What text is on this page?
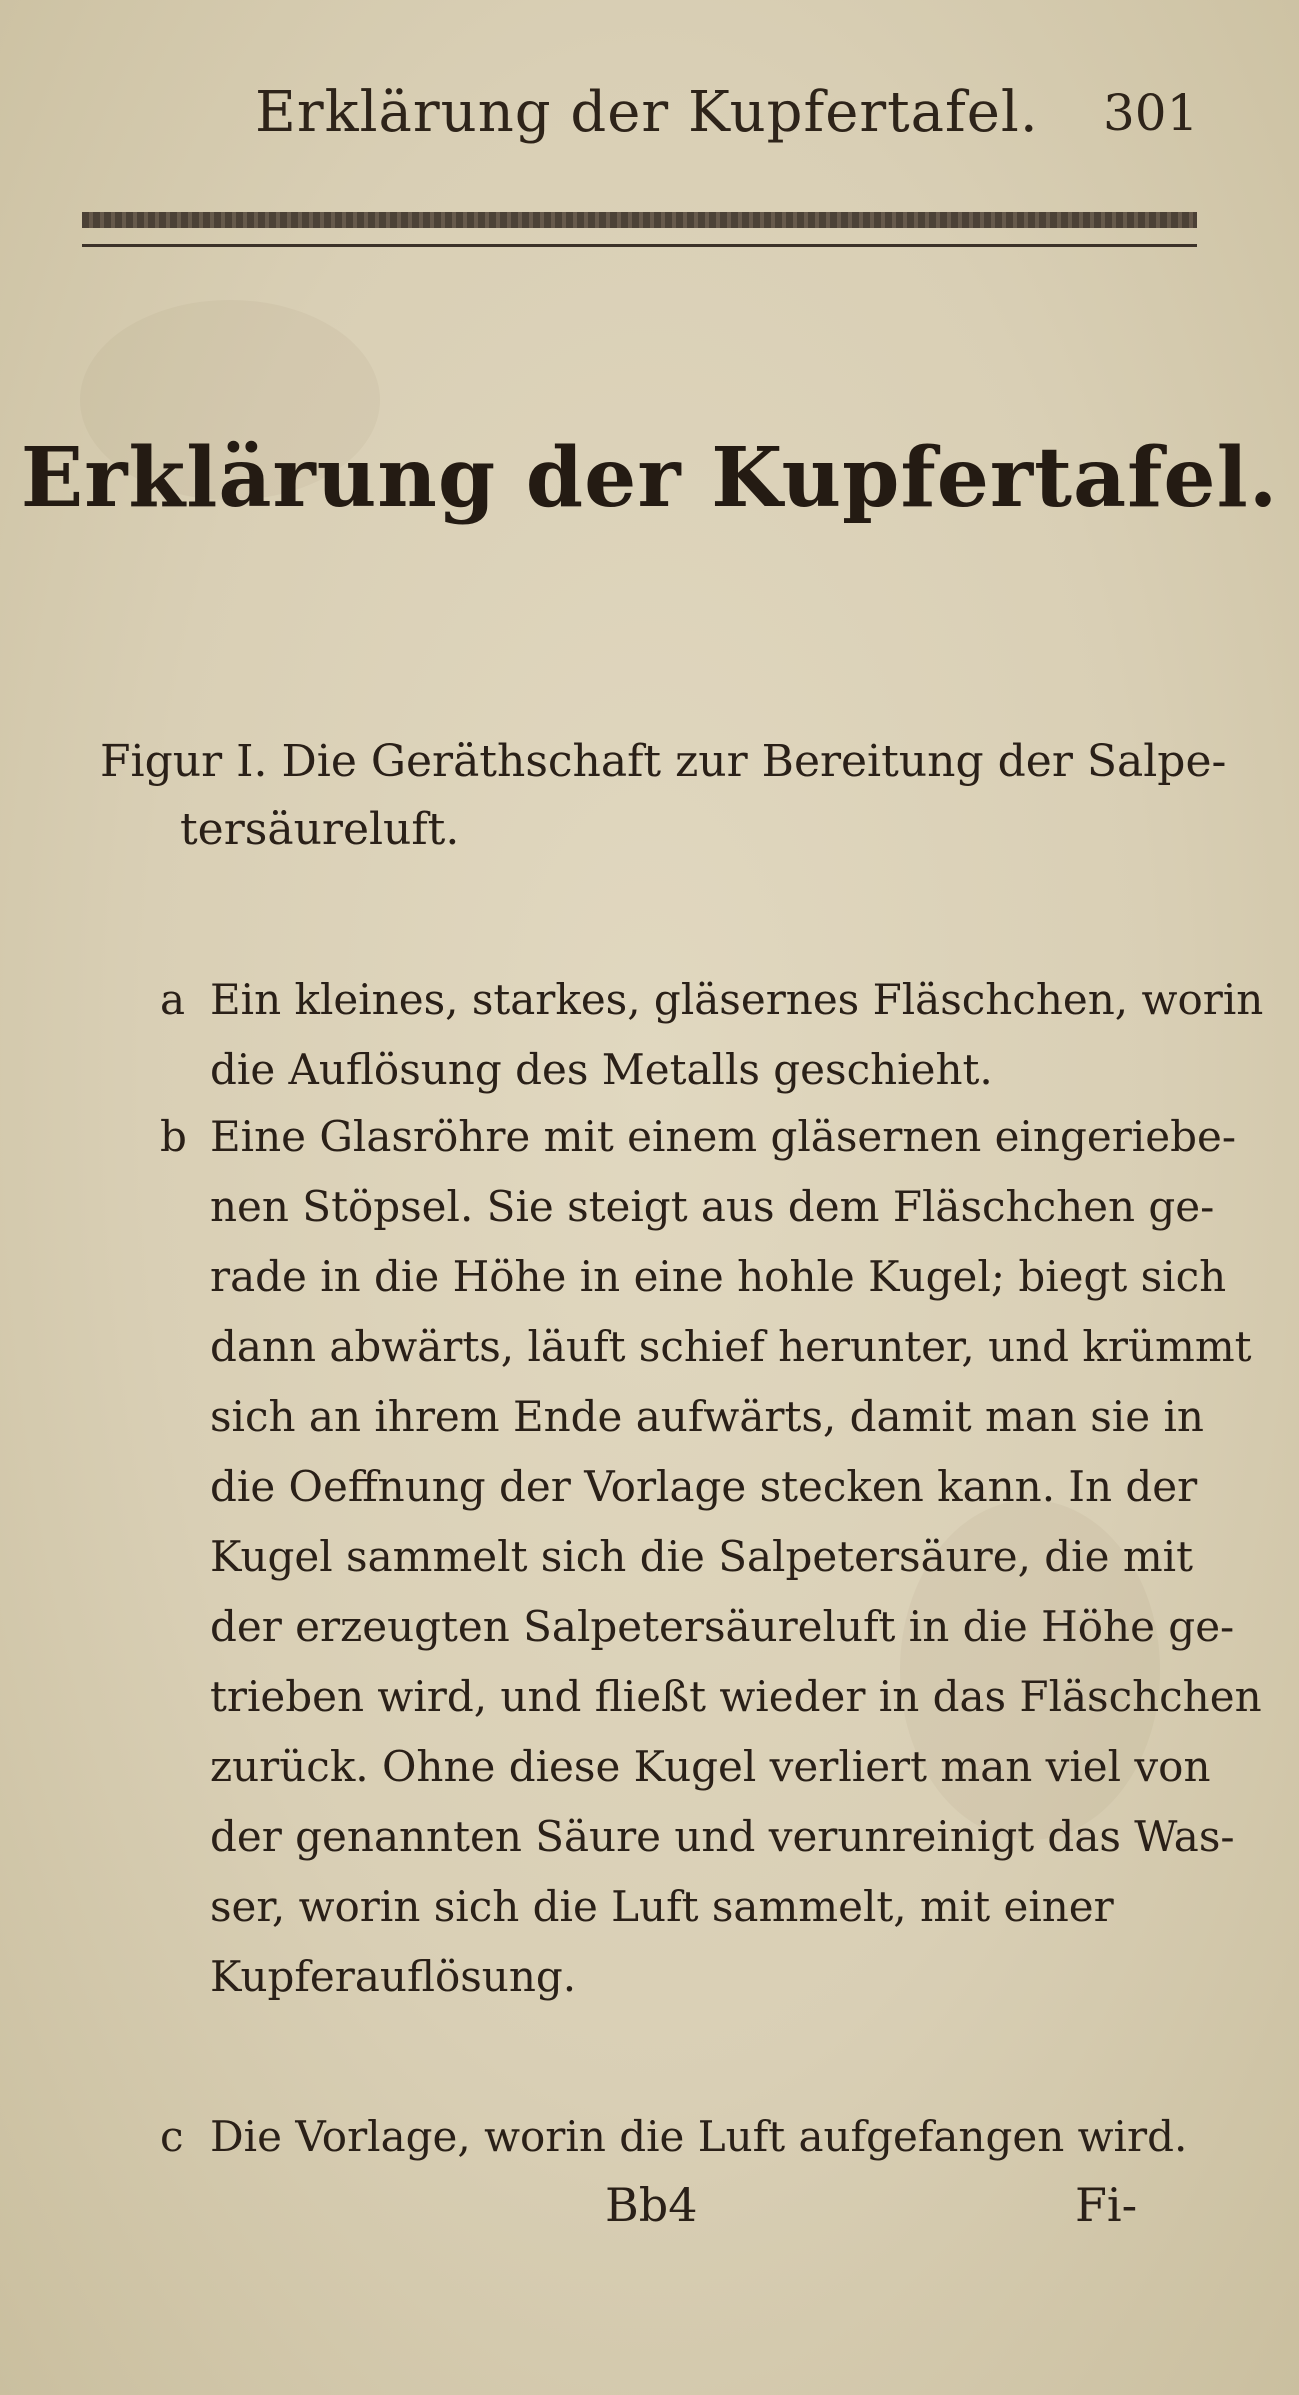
Erklärung der Kupfertafel. 301
Erklärung der Kupfertafel.
Figur I. Die Geräthschaft zur Bereitung der Salpe-
tersäureluft.
a Ein kleines, starkes, gläsernes Fläschchen, worin
die Auflösung des Metalls geschieht.
b Eine Glasröhre mit einem gläsernen eingeriebe-
nen Stöpsel. Sie steigt aus dem Fläschchen ge-
rade in die Höhe in eine hohle Kugel; biegt sich
dann abwärts, läuft schief herunter, und krümmt
sich an ihrem Ende aufwärts, damit man sie in
die Oeffnung der Vorlage stecken kann. In der
Kugel sammelt sich die Salpetersäure, die mit
der erzeugten Salpetersäureluft in die Höhe ge-
trieben wird, und fließt wieder in das Fläschchen
zurück. Ohne diese Kugel verliert man viel von
der genannten Säure und verunreinigt das Was-
ser, worin sich die Luft sammelt, mit einer
Kupferauflösung.
c Die Vorlage, worin die Luft aufgefangen wird.
Bb4	Fi-
